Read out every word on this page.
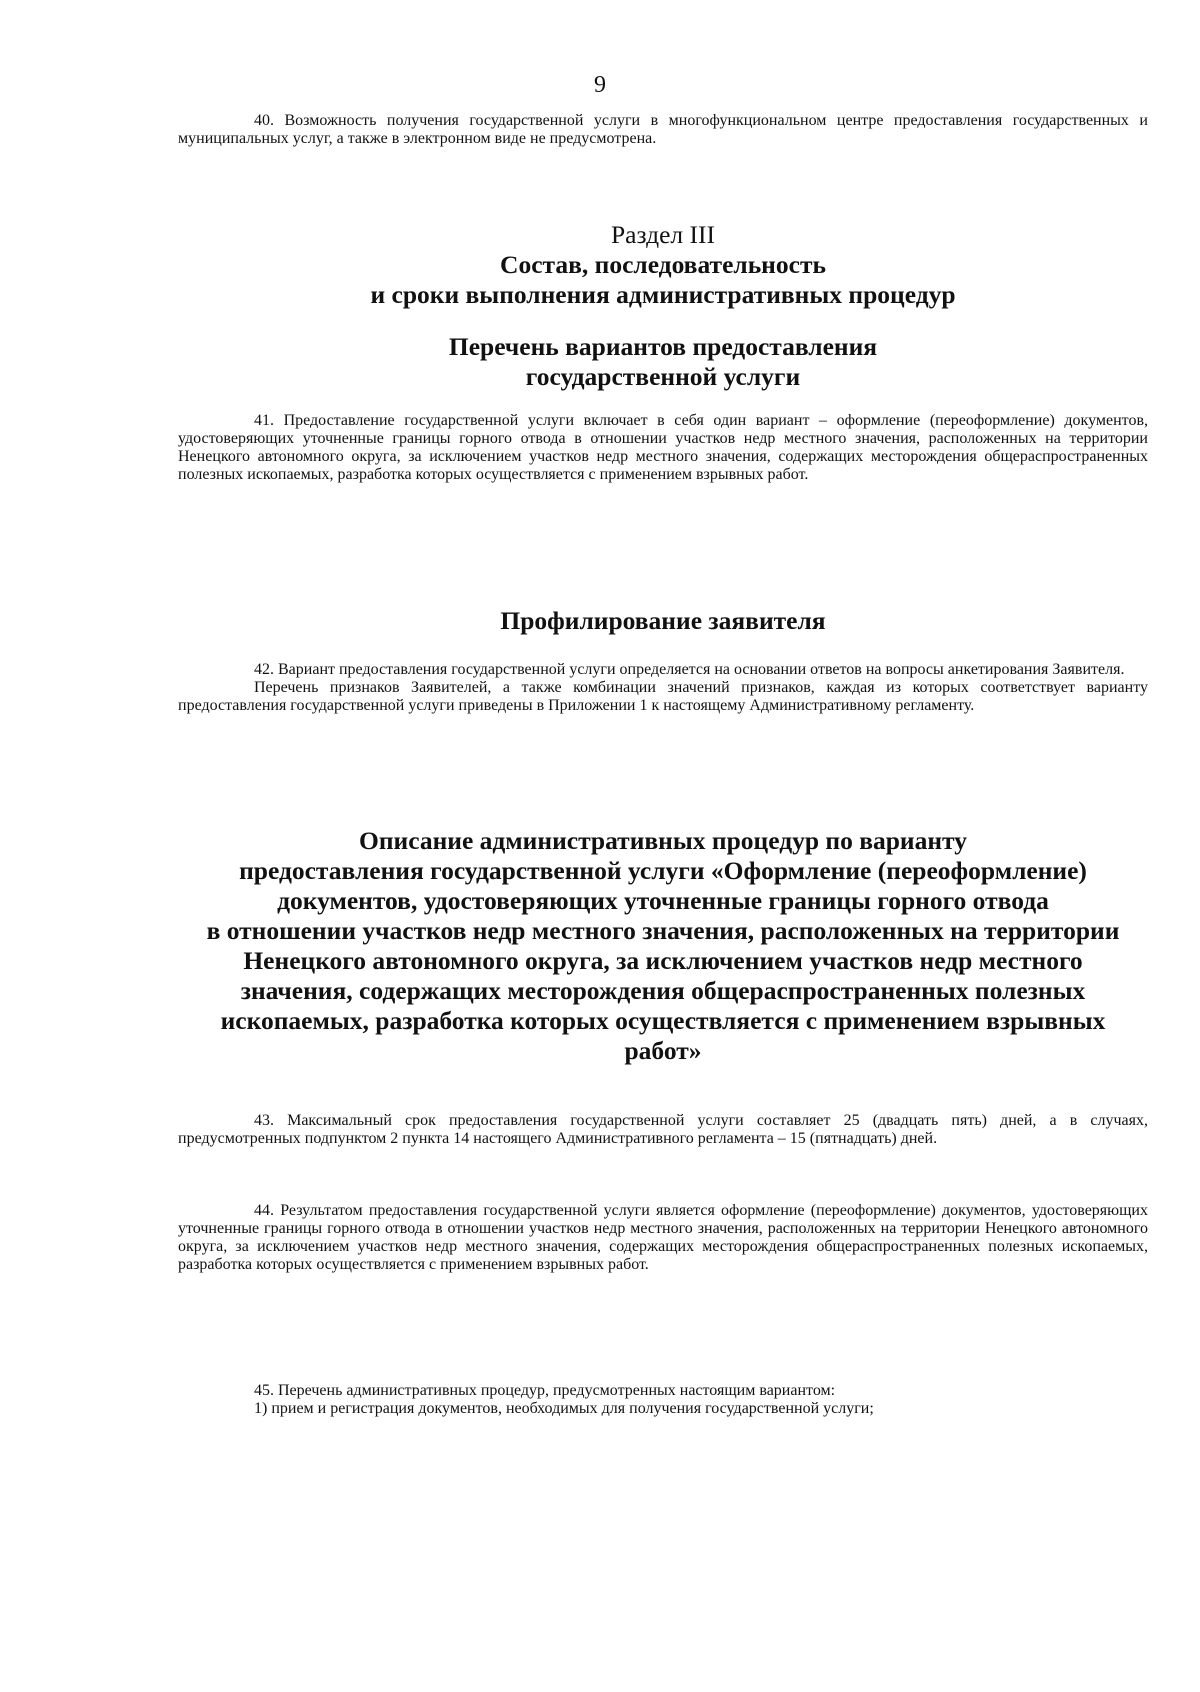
9

40. Возможность получения государственной услуги в многофункциональном центре предоставления государственных и муниципальных услуг, а также в электронном виде не предусмотрена.

Раздел III

Состав, последовательность

и сроки выполнения административных процедур

Перечень вариантов предоставления

государственной услуги

41. Предоставление государственной услуги включает в себя один вариант – оформление (переоформление) документов, удостоверяющих уточненные границы горного отвода в отношении участков недр местного значения, расположенных на территории Ненецкого автономного округа, за исключением участков недр местного значения, содержащих месторождения общераспространенных полезных ископаемых, разработка которых осуществляется с применением взрывных работ.

Профилирование заявителя

42. Вариант предоставления государственной услуги определяется на основании ответов на вопросы анкетирования Заявителя.

Перечень признаков Заявителей, а также комбинации значений признаков, каждая из которых соответствует варианту предоставления государственной услуги приведены в Приложении 1 к настоящему Административному регламенту.

Описание административных процедур по варианту

предоставления государственной услуги «Оформление (переоформление)

документов, удостоверяющих уточненные границы горного отвода

в отношении участков недр местного значения, расположенных на территории

Ненецкого автономного округа, за исключением участков недр местного

значения, содержащих месторождения общераспространенных полезных

ископаемых, разработка которых осуществляется с применением взрывных

работ»

43. Максимальный срок предоставления государственной услуги составляет 25 (двадцать пять) дней, а в случаях, предусмотренных подпунктом 2 пункта 14 настоящего Административного регламента – 15 (пятнадцать) дней.

44. Результатом предоставления государственной услуги является оформление (переоформление) документов, удостоверяющих уточненные границы горного отвода в отношении участков недр местного значения, расположенных на территории Ненецкого автономного округа, за исключением участков недр местного значения, содержащих месторождения общераспространенных полезных ископаемых, разработка которых осуществляется с применением взрывных работ.

45. Перечень административных процедур, предусмотренных настоящим вариантом:

1) прием и регистрация документов, необходимых для получения государственной услуги;
